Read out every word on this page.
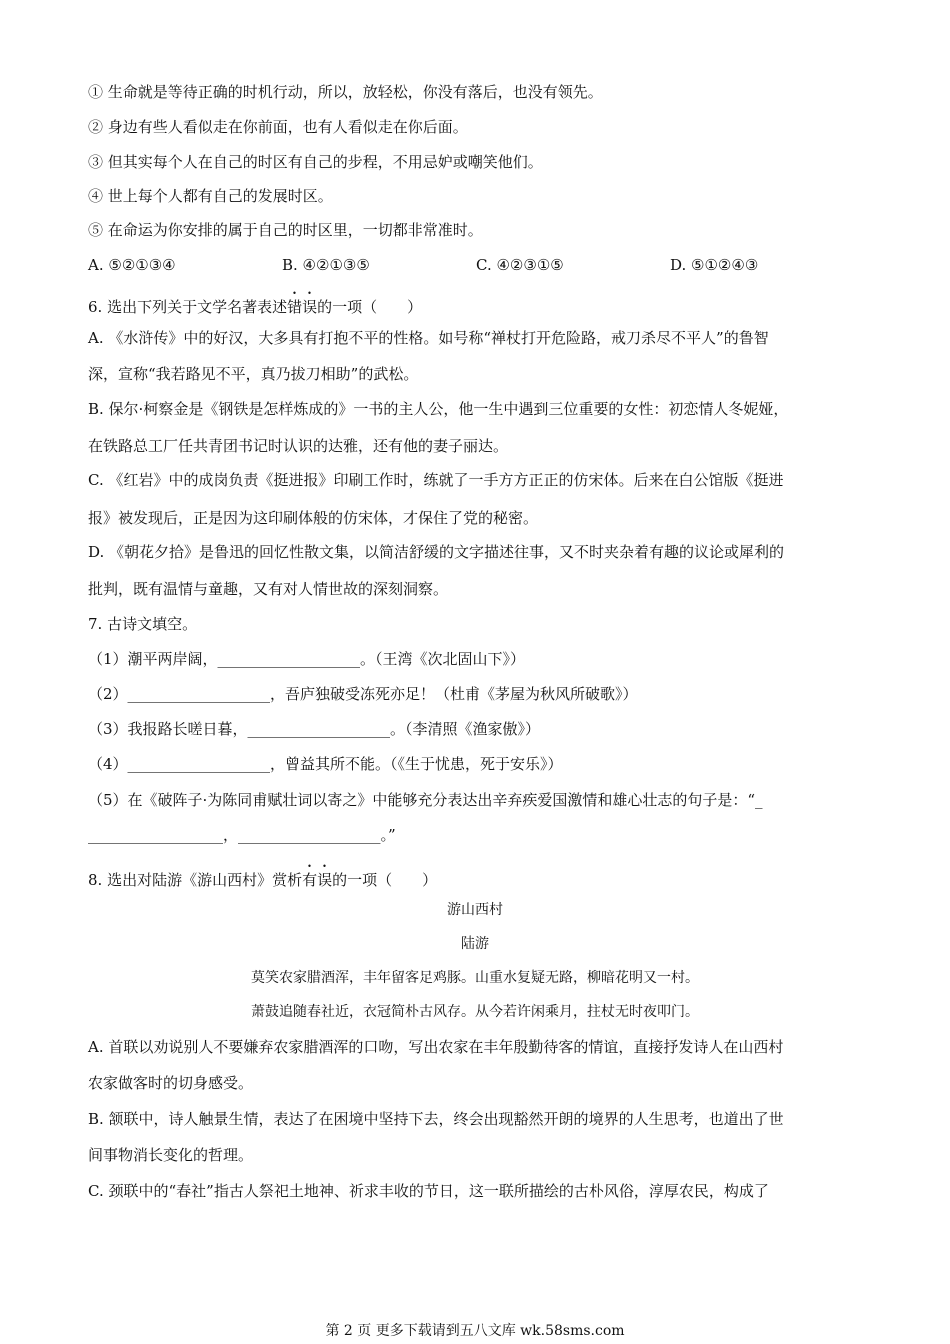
① 生命就是等待正确的时机行动，所以，放轻松，你没有落后，也没有领先。
② 身边有些人看似走在你前面，也有人看似走在你后面。
③ 但其实每个人在自己的时区有自己的步程，不用忌妒或嘲笑他们。
④ 世上每个人都有自己的发展时区。
⑤ 在命运为你安排的属于自己的时区里，一切都非常准时。
A. ⑤②①③④	B. ④②①③⑤	C. ④②③①⑤	D. ⑤①②④③
6. 选出下列关于文学名著表述错误的一项（　　）
A. 《水浒传》中的好汉，大多具有打抱不平的性格。如号称“禅杖打开危险路，戒刀杀尽不平人”的鲁智
深，宣称“我若路见不平，真乃拔刀相助”的武松。
B. 保尔·柯察金是《钢铁是怎样炼成的》一书的主人公，他一生中遇到三位重要的女性：初恋情人冬妮娅，
在铁路总工厂任共青团书记时认识的达雅，还有他的妻子丽达。
C. 《红岩》中的成岗负责《挺进报》印刷工作时，练就了一手方方正正的仿宋体。后来在白公馆版《挺进
报》被发现后，正是因为这印刷体般的仿宋体，才保住了党的秘密。
D. 《朝花夕拾》是鲁迅的回忆性散文集，以简洁舒缓的文字描述往事，又不时夹杂着有趣的议论或犀利的
批判，既有温情与童趣，又有对人情世故的深刻洞察。
7. 古诗文填空。
（1）潮平两岸阔，___________________。（王湾《次北固山下》）
（2）___________________，吾庐独破受冻死亦足！（杜甫《茅屋为秋风所破歌》）
（3）我报路长嗟日暮，___________________。（李清照《渔家傲》）
（4）___________________，曾益其所不能。（《生于忧患，死于安乐》）
（5）在《破阵子·为陈同甫赋壮词以寄之》中能够充分表达出辛弃疾爱国激情和雄心壮志的句子是：“_
__________________，___________________。”
8. 选出对陆游《游山西村》赏析有误的一项（　　）
游山西村
陆游
莫笑农家腊酒浑，丰年留客足鸡豚。山重水复疑无路，柳暗花明又一村。
萧鼓追随春社近，衣冠简朴古风存。从今若许闲乘月，拄杖无时夜叩门。
A. 首联以劝说别人不要嫌弃农家腊酒浑的口吻，写出农家在丰年殷勤待客的情谊，直接抒发诗人在山西村
农家做客时的切身感受。
B. 颔联中，诗人触景生情，表达了在困境中坚持下去，终会出现豁然开朗的境界的人生思考，也道出了世
间事物消长变化的哲理。
C. 颈联中的“春社”指古人祭祀土地神、祈求丰收的节日，这一联所描绘的古朴风俗，淳厚农民，构成了
第 2 页 更多下载请到五八文库 wk.58sms.com
